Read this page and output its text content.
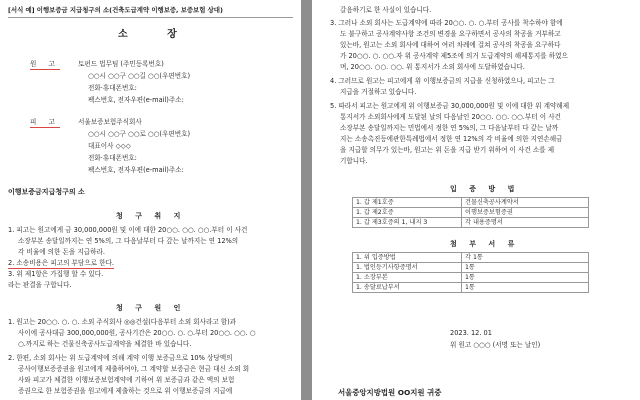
[서식 예] 이행보증금 지급청구의 소(건축도급계약 이행보증, 보증보험 상대)
소 장
원 고	토펀드 법무팀 (주민등록번호)
○○시 ○○구 ○○길 ○○(우편번호)
전화·휴대폰번호:
팩스번호, 전자우편(e-mail)주소:
피 고	서울보증보험주식회사
○○시 ○○구 ○○로 ○○(우편번호)
대표이사 ◇◇◇
전화·휴대폰번호:
팩스번호, 전자우편(e-mail)주소:
이행보증금지급청구의 소
청 구 취 지
1. 피고는 원고에게 금 30,000,000원 및 이에 대한 20○○. ○○. ○○.부터 이 사건
소장부본 송달일까지는 연 5%의, 그 다음날부터 다 갚는 날까지는 연 12%의
각 비율에 의한 돈을 지급하라.
2. 소송비용은 피고의 부담으로 한다.
3. 위 제1항은 가집행 할 수 있다.
라는 판결을 구합니다.
청 구 원 인
1. 원고는 20○○. ○. ○. 소외 주식회사 ◎◎건설(다음부터 소외 회사라고 함)과
사이에 공사대금 300,000,000원, 공사기간은 20○○. ○. ○.부터 20○○. ○○. ○
○.까지로 하는 건물신축공사도급계약을 체결한 바 있습니다.
2. 한편, 소외 회사는 위 도급계약에 의해 계약 이행 보증금으로 10% 상당액의
공사이행보증증권을 원고에게 제출하여야, 그 계약할 보증금은 현금 대신 소외 회
사와 피고가 체결한 이행보증보험계약에 기하여 위 보증금과 같은 액의 보험
증권으로 한 보험증권을 원고에게 제출하는 것으로 위 이행보증금의 지급에
갈음하기로 한 사실이 있습니다.
3. 그러나 소외 회사는 도급계약에 따라 20○○. ○. ○.부터 공사를 착수하야 함에
도 불구하고 공사계약사항 조건의 변경을 요구하면서 공사의 착공을 거부하고
있는바, 원고는 소외 회사에 대하여 여러 차례에 걸쳐 공사의 착공을 요구하다
가 20○○. ○. ○○.자 위 공사계약 제5조에 의거 도급계약의 해제통지를 하였으
며, 20○○. ○○. ○○. 위 통지서가 소외 회사에 도달하였습니다.
4. 그러므로 원고는 피고에게 위 이행보증금의 지급을 신청하였으나, 피고는 그
지급을 거절하고 있습니다.
5. 따라서 피고는 원고에게 위 이행보증금 30,000,000원 및 이에 대한 위 계약해제
통지서가 소외회사에게 도달된 날의 다음날인 20○○. ○○. ○○.부터 이 사건
소장부본 송달일까지는 민법에서 정한 연 5%의, 그 다음날부터 다 갚는 날까
지는 소송촉진등에관한특례법에서 정한 연 12%의 각 비율에 의한 지연손해금
을 지급할 의무가 있는바, 원고는 위 돈을 지급 받기 위하여 이 사건 소를 제
기합니다.
입 증 방 법
1. 갑 제1호증	건물신축공사계약서
1. 갑 제2호증	이행보증보험증권
1. 갑 제3호증의 1, 내지 3	각 내용증명서
첨 부 서 류
1. 위 입증방법	각 1통
1. 법인등기사항증명서	1통
1. 소장부본	1통
1. 송달료납부서	1통
2023. 12. 01
위 원고 ○○○ (서명 또는 날인)
서울중앙지방법원 OO지원 귀중
